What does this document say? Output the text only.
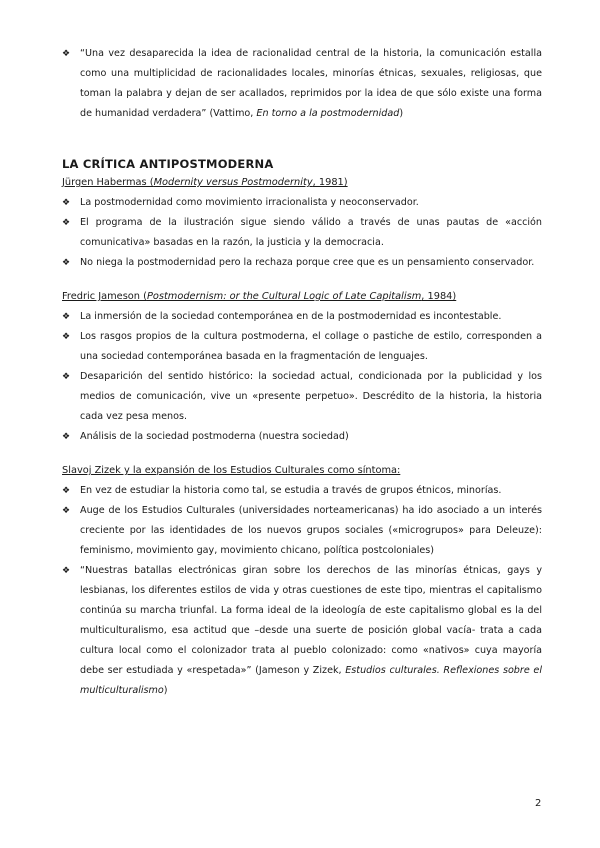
❖ “Una vez desaparecida la idea de racionalidad central de la historia, la comunicación estalla como una multiplicidad de racionalidades locales, minorías étnicas, sexuales, religiosas, que toman la palabra y dejan de ser acallados, reprimidos por la idea de que sólo existe una forma de humanidad verdadera” (Vattimo, En torno a la postmodernidad)
LA CRÍTICA ANTIPOSTMODERNA
Jürgen Habermas (Modernity versus Postmodernity, 1981)
❖ La postmodernidad como movimiento irracionalista y neoconservador.
❖ El programa de la ilustración sigue siendo válido a través de unas pautas de «acción comunicativa» basadas en la razón, la justicia y la democracia.
❖ No niega la postmodernidad pero la rechaza porque cree que es un pensamiento conservador.
Fredric Jameson (Postmodernism: or the Cultural Logic of Late Capitalism, 1984)
❖ La inmersión de la sociedad contemporánea en de la postmodernidad es incontestable.
❖ Los rasgos propios de la cultura postmoderna, el collage o pastiche de estilo, corresponden a una sociedad contemporánea basada en la fragmentación de lenguajes.
❖ Desaparición del sentido histórico: la sociedad actual, condicionada por la publicidad y los medios de comunicación, vive un «presente perpetuo». Descrédito de la historia, la historia cada vez pesa menos.
❖ Análisis de la sociedad postmoderna (nuestra sociedad)
Slavoj Zizek y la expansión de los Estudios Culturales como síntoma:
❖ En vez de estudiar la historia como tal, se estudia a través de grupos étnicos, minorías.
❖ Auge de los Estudios Culturales (universidades norteamericanas) ha ido asociado a un interés creciente por las identidades de los nuevos grupos sociales («microgrupos» para Deleuze): feminismo, movimiento gay, movimiento chicano, política postcoloniales)
❖ “Nuestras batallas electrónicas giran sobre los derechos de las minorías étnicas, gays y lesbianas, los diferentes estilos de vida y otras cuestiones de este tipo, mientras el capitalismo continúa su marcha triunfal. La forma ideal de la ideología de este capitalismo global es la del multiculturalismo, esa actitud que –desde una suerte de posición global vacía- trata a cada cultura local como el colonizador trata al pueblo colonizado: como «nativos» cuya mayoría debe ser estudiada y «respetada»” (Jameson y Zizek, Estudios culturales. Reflexiones sobre el multiculturalismo)
2
